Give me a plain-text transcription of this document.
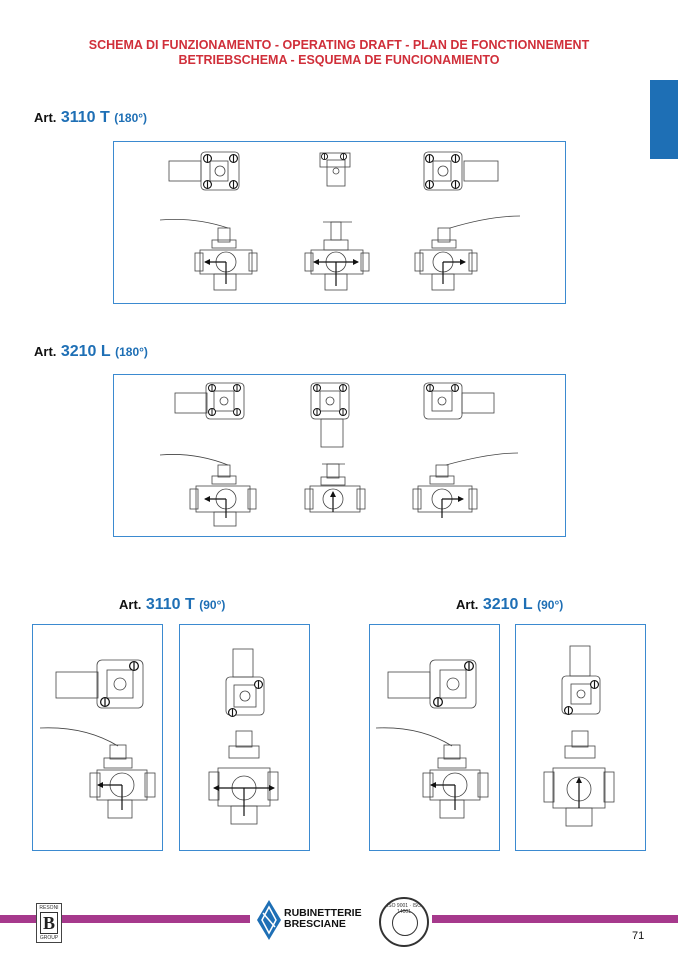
SCHEMA DI FUNZIONAMENTO - OPERATING DRAFT - PLAN DE FONCTIONNEMENT
BETRIEBSCHEMA - ESQUEMA DE FUNCIONAMIENTO
Art. 3110 T (180°)
Art. 3210 L (180°)
Art. 3110 T (90°)	Art. 3210 L (90°)
RESONI
B
GROUP
RUBINETTERIE
BRESCIANE
ISO 9001 · ISO 14001
71
